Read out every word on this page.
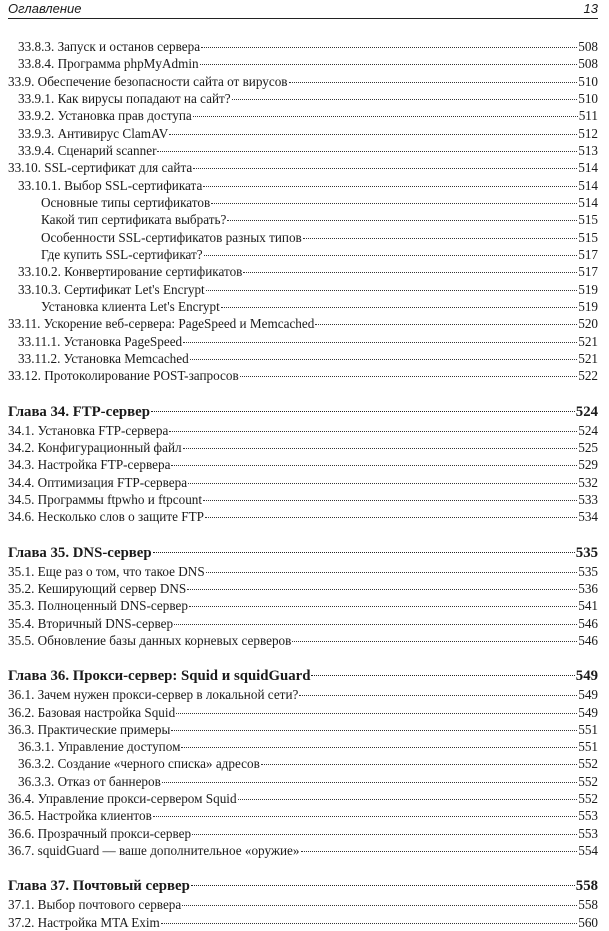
Оглавление	13
33.8.3. Запуск и останов сервера	508
33.8.4. Программа phpMyAdmin	508
33.9. Обеспечение безопасности сайта от вирусов	510
33.9.1. Как вирусы попадают на сайт?	510
33.9.2. Установка прав доступа	511
33.9.3. Антивирус ClamAV	512
33.9.4. Сценарий scanner	513
33.10. SSL-сертификат для сайта	514
33.10.1. Выбор SSL-сертификата	514
Основные типы сертификатов	514
Какой тип сертификата выбрать?	515
Особенности SSL-сертификатов разных типов	515
Где купить SSL-сертификат?	517
33.10.2. Конвертирование сертификатов	517
33.10.3. Сертификат Let's Encrypt	519
Установка клиента Let's Encrypt	519
33.11. Ускорение веб-сервера: PageSpeed и Memcached	520
33.11.1. Установка PageSpeed	521
33.11.2. Установка Memcached	521
33.12. Протоколирование POST-запросов	522
Глава 34. FTP-сервер	524
34.1. Установка FTP-сервера	524
34.2. Конфигурационный файл	525
34.3. Настройка FTP-сервера	529
34.4. Оптимизация FTP-сервера	532
34.5. Программы ftpwho и ftpcount	533
34.6. Несколько слов о защите FTP	534
Глава 35. DNS-сервер	535
35.1. Еще раз о том, что такое DNS	535
35.2. Кеширующий сервер DNS	536
35.3. Полноценный DNS-сервер	541
35.4. Вторичный DNS-сервер	546
35.5. Обновление базы данных корневых серверов	546
Глава 36. Прокси-сервер: Squid и squidGuard	549
36.1. Зачем нужен прокси-сервер в локальной сети?	549
36.2. Базовая настройка Squid	549
36.3. Практические примеры	551
36.3.1. Управление доступом	551
36.3.2. Создание «черного списка» адресов	552
36.3.3. Отказ от баннеров	552
36.4. Управление прокси-сервером Squid	552
36.5. Настройка клиентов	553
36.6. Прозрачный прокси-сервер	553
36.7. squidGuard — ваше дополнительное «оружие»	554
Глава 37. Почтовый сервер	558
37.1. Выбор почтового сервера	558
37.2. Настройка MTA Exim	560
